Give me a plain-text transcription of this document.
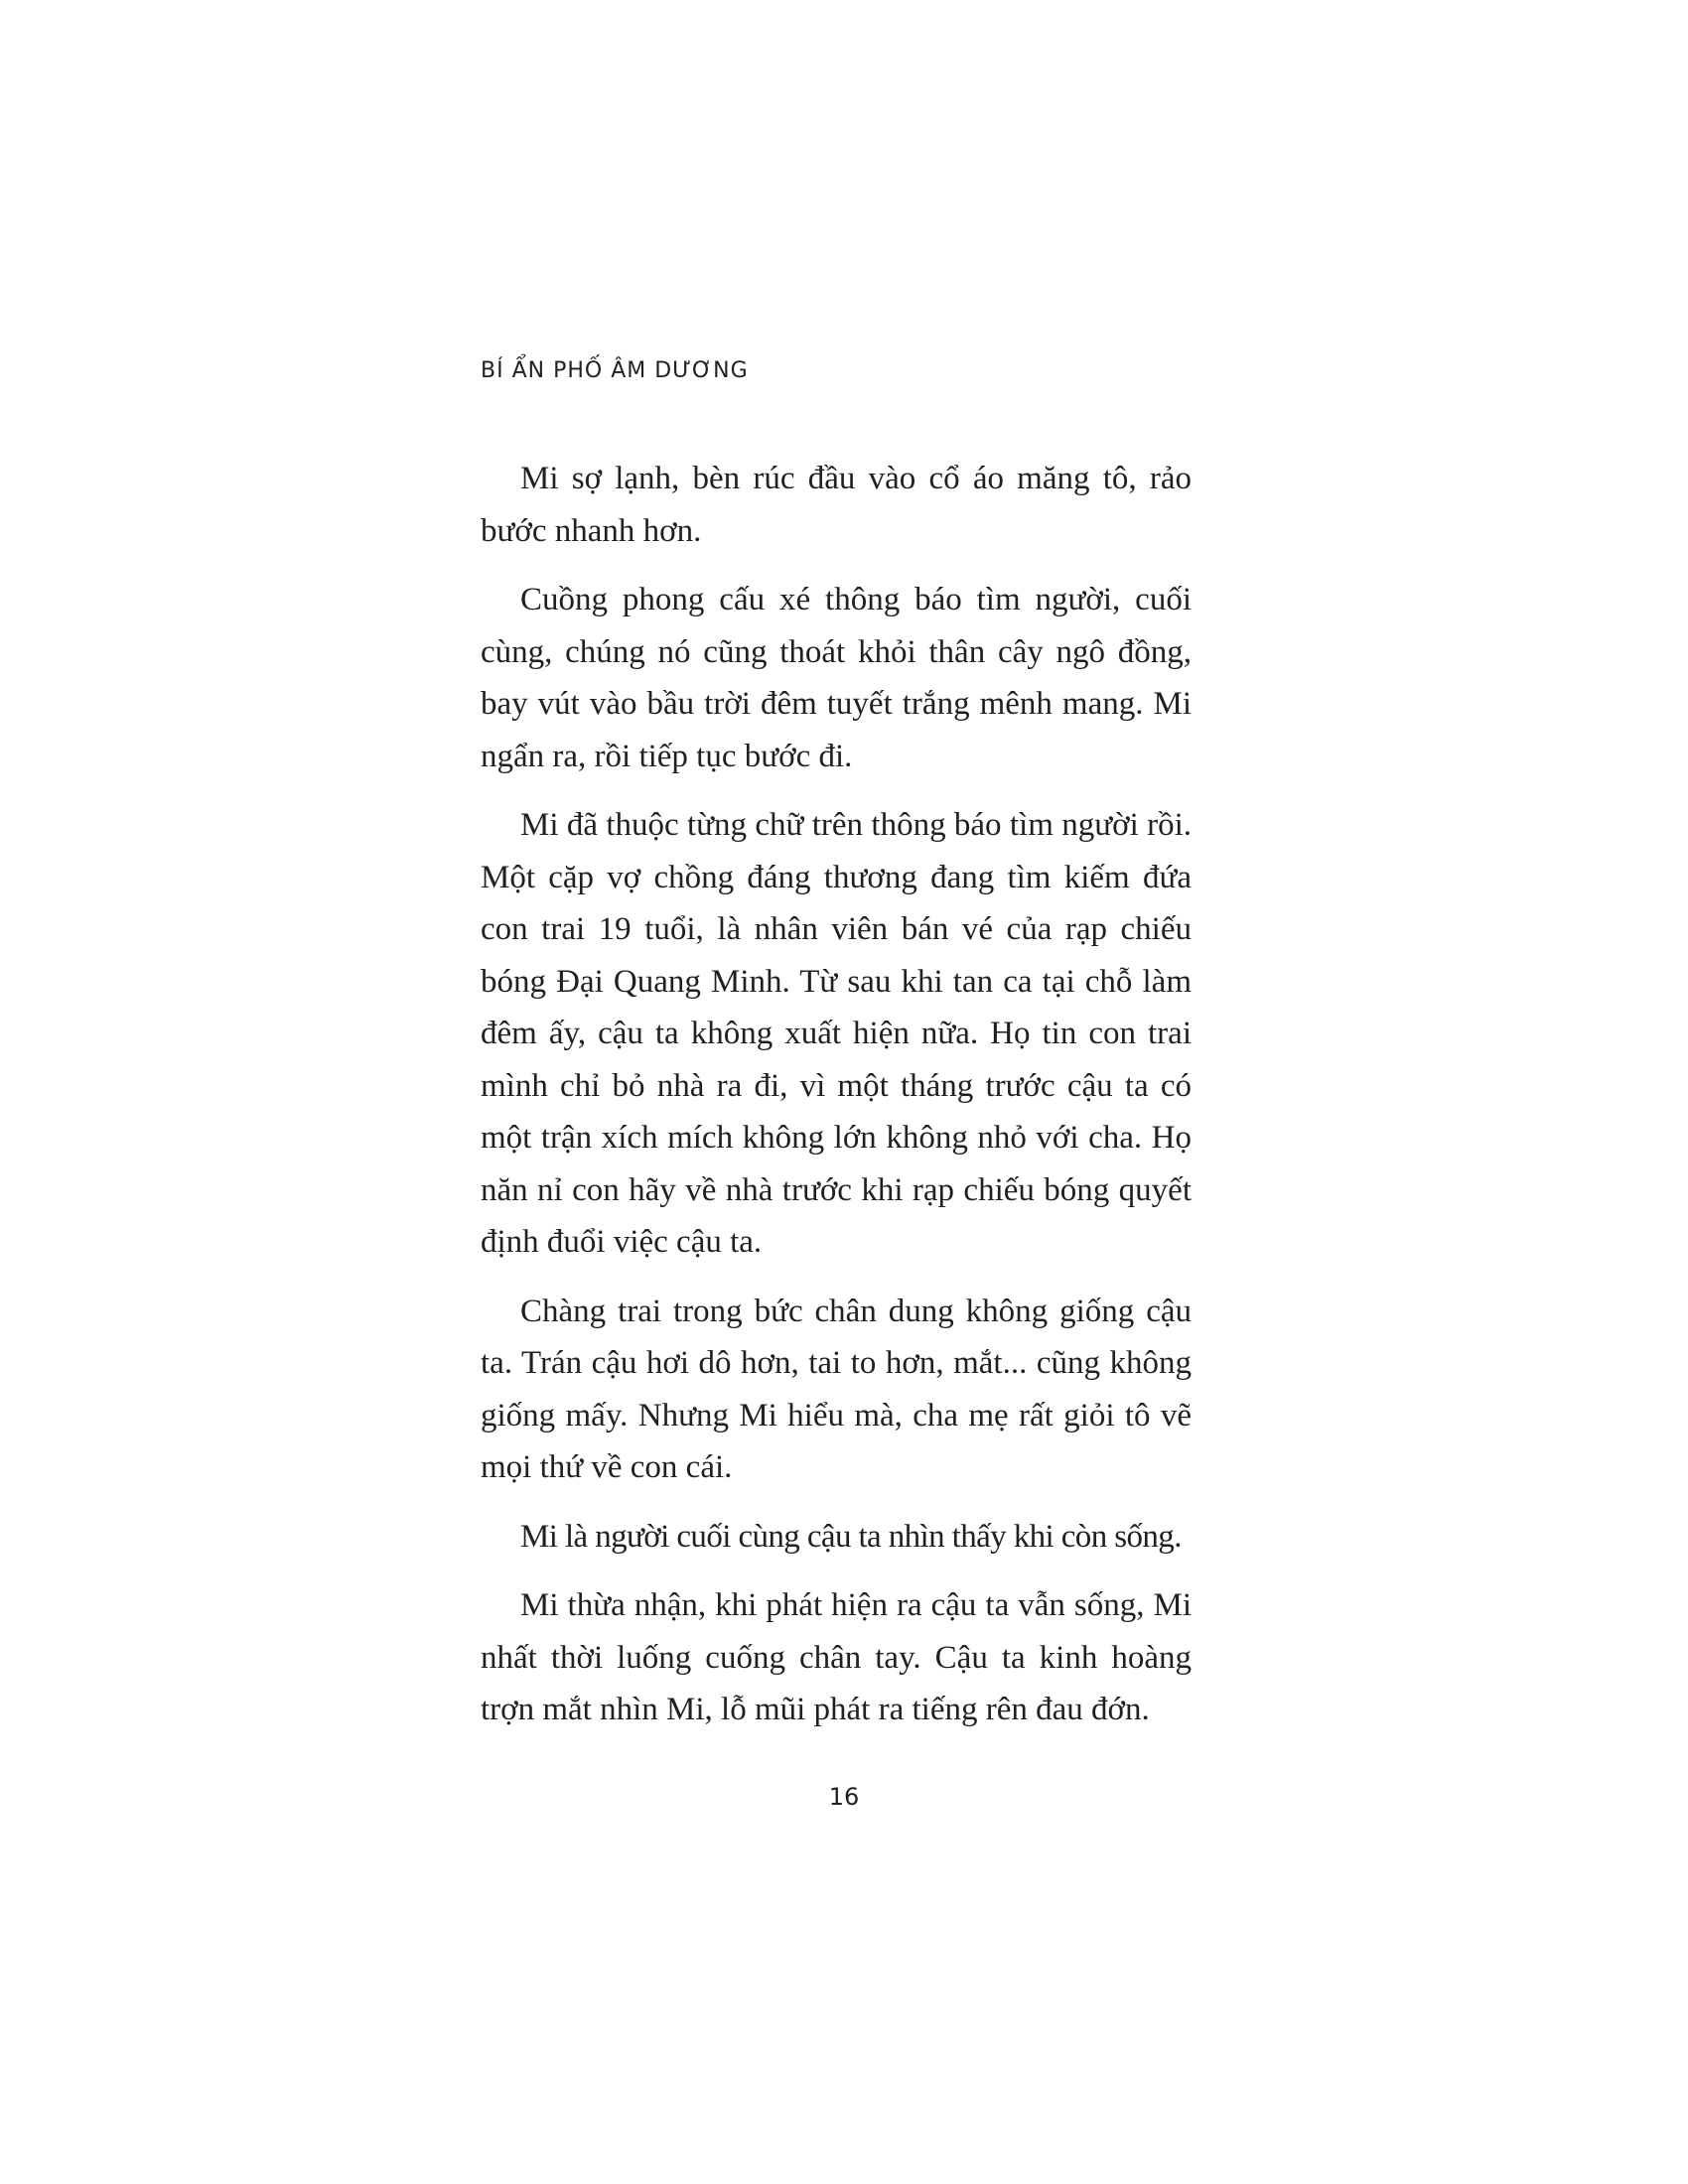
BÍ ẨN PHỐ ÂM DƯƠNG

Mi sợ lạnh, bèn rúc đầu vào cổ áo măng tô, rảo bước nhanh hơn.

Cuồng phong cấu xé thông báo tìm người, cuối cùng, chúng nó cũng thoát khỏi thân cây ngô đồng, bay vút vào bầu trời đêm tuyết trắng mênh mang. Mi ngẩn ra, rồi tiếp tục bước đi.

Mi đã thuộc từng chữ trên thông báo tìm người rồi. Một cặp vợ chồng đáng thương đang tìm kiếm đứa con trai 19 tuổi, là nhân viên bán vé của rạp chiếu bóng Đại Quang Minh. Từ sau khi tan ca tại chỗ làm đêm ấy, cậu ta không xuất hiện nữa. Họ tin con trai mình chỉ bỏ nhà ra đi, vì một tháng trước cậu ta có một trận xích mích không lớn không nhỏ với cha. Họ năn nỉ con hãy về nhà trước khi rạp chiếu bóng quyết định đuổi việc cậu ta.

Chàng trai trong bức chân dung không giống cậu ta. Trán cậu hơi dô hơn, tai to hơn, mắt... cũng không giống mấy. Nhưng Mi hiểu mà, cha mẹ rất giỏi tô vẽ mọi thứ về con cái.

Mi là người cuối cùng cậu ta nhìn thấy khi còn sống.

Mi thừa nhận, khi phát hiện ra cậu ta vẫn sống, Mi nhất thời luống cuống chân tay. Cậu ta kinh hoàng trợn mắt nhìn Mi, lỗ mũi phát ra tiếng rên đau đớn.

16
